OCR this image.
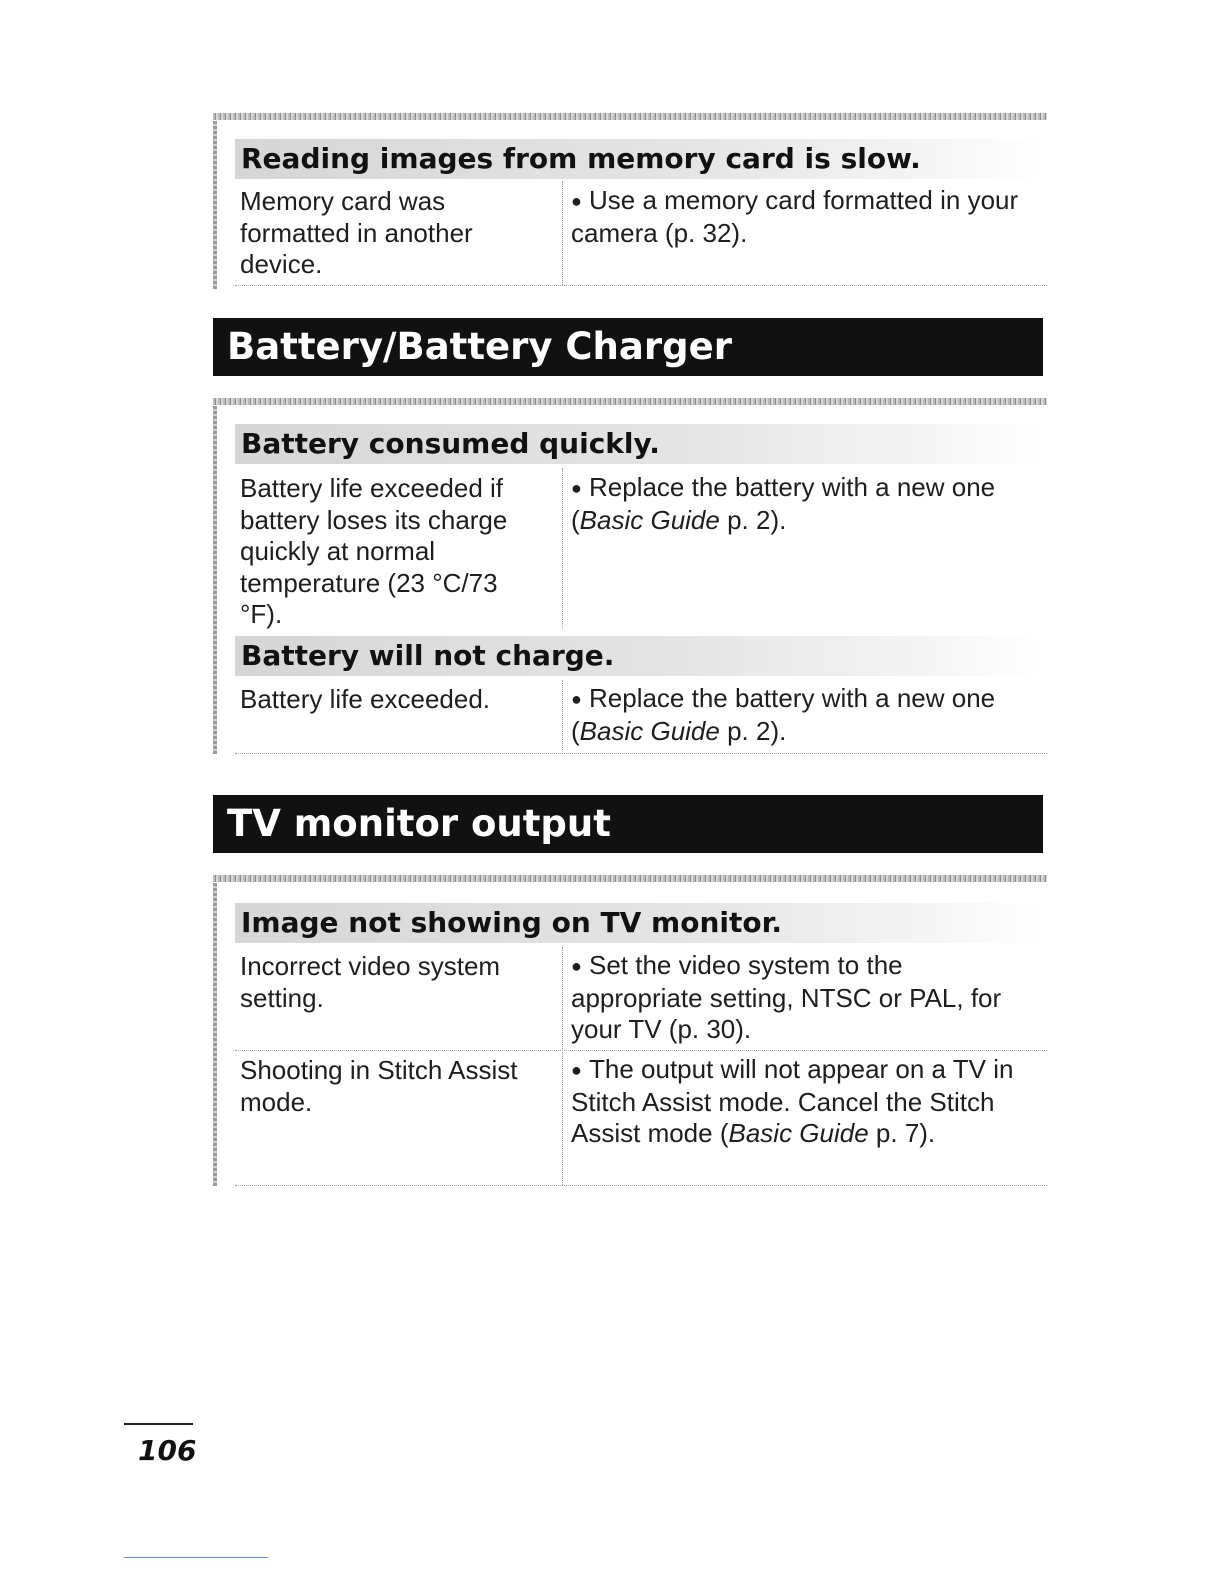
Reading images from memory card is slow.
Memory card was formatted in another device.
● Use a memory card formatted in your camera (p. 32).
Battery/Battery Charger
Battery consumed quickly.
Battery life exceeded if battery loses its charge quickly at normal temperature (23 °C/73 °F).
● Replace the battery with a new one (Basic Guide p. 2).
Battery will not charge.
Battery life exceeded.	● Replace the battery with a new one (Basic Guide p. 2).
TV monitor output
Image not showing on TV monitor.
Incorrect video system setting.
● Set the video system to the appropriate setting, NTSC or PAL, for your TV (p. 30).
Shooting in Stitch Assist mode.
● The output will not appear on a TV in Stitch Assist mode. Cancel the Stitch Assist mode (Basic Guide p. 7).
106
